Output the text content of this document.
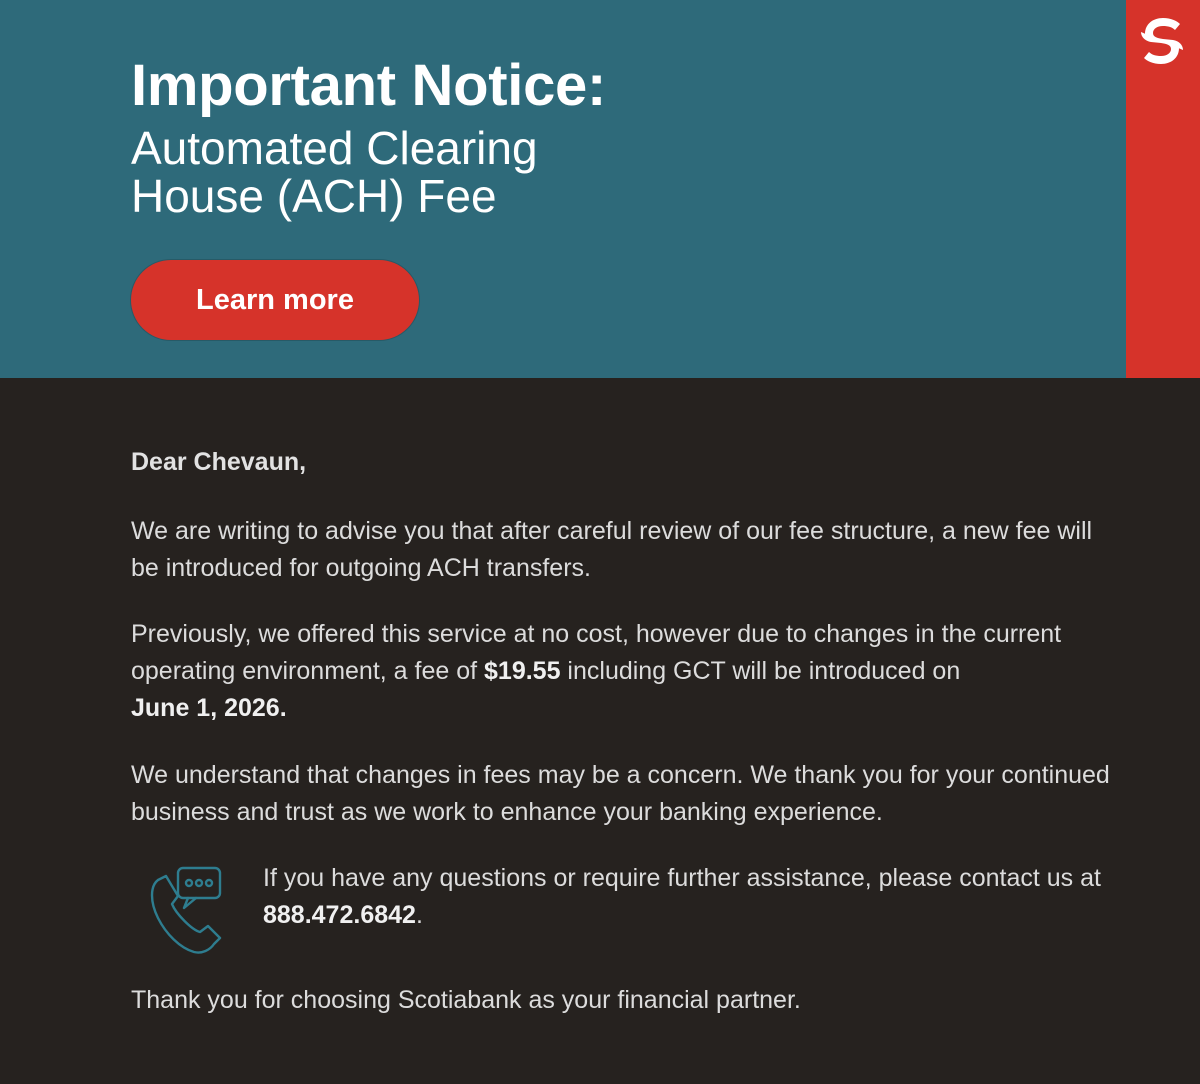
Important Notice:
Automated Clearing
House (ACH) Fee
Learn more

Dear Chevaun,

We are writing to advise you that after careful review of our fee structure, a new fee will be introduced for outgoing ACH transfers.

Previously, we offered this service at no cost, however due to changes in the current operating environment, a fee of $19.55 including GCT will be introduced on
June 1, 2026.

We understand that changes in fees may be a concern. We thank you for your continued business and trust as we work to enhance your banking experience.

If you have any questions or require further assistance, please contact us at 888.472.6842.

Thank you for choosing Scotiabank as your financial partner.
